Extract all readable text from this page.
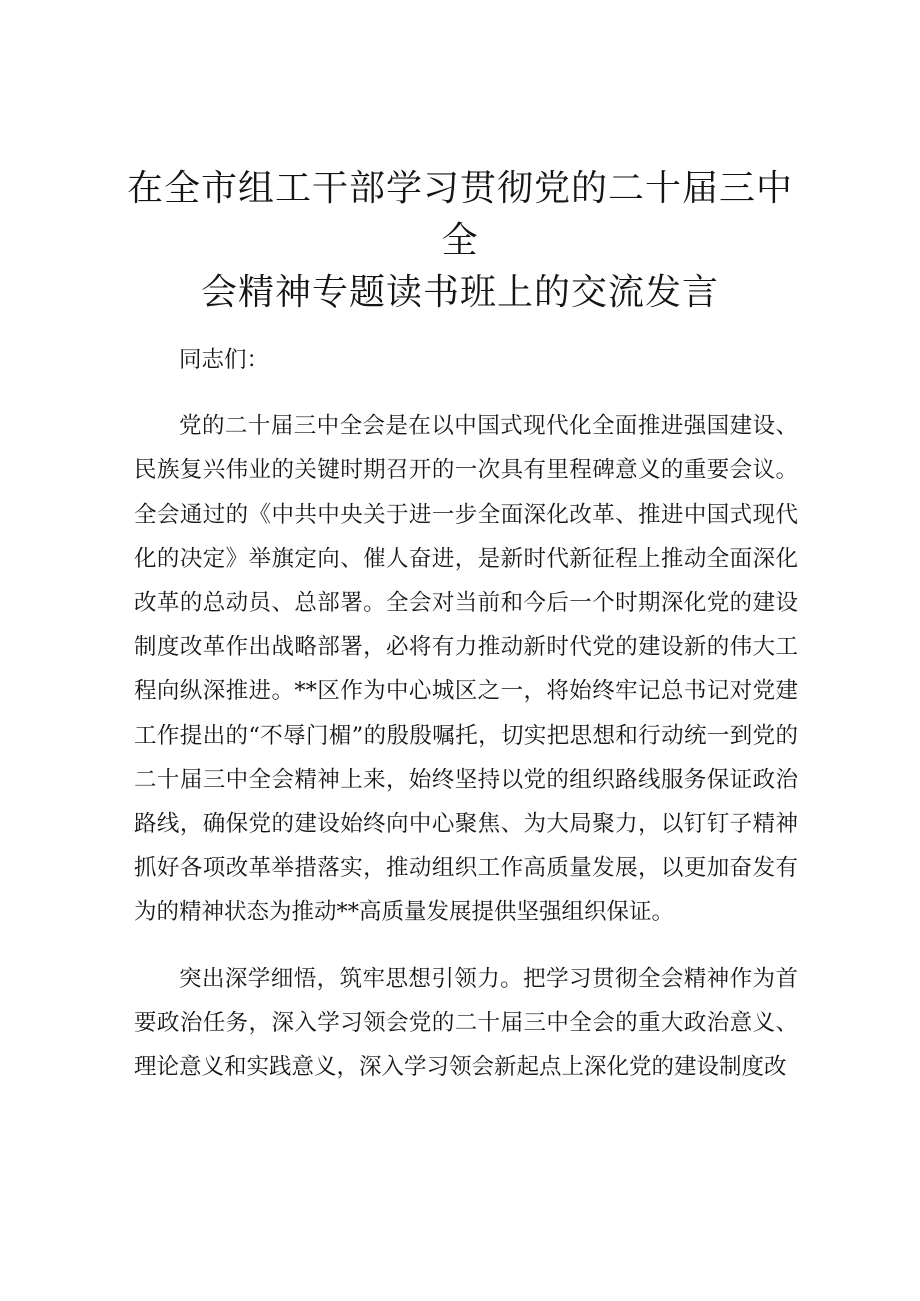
在全市组工干部学习贯彻党的二十届三中全
会精神专题读书班上的交流发言

同志们：

党的二十届三中全会是在以中国式现代化全面推进强国建设、民族复兴伟业的关键时期召开的一次具有里程碑意义的重要会议。全会通过的《中共中央关于进一步全面深化改革、推进中国式现代化的决定》举旗定向、催人奋进，是新时代新征程上推动全面深化改革的总动员、总部署。全会对当前和今后一个时期深化党的建设制度改革作出战略部署，必将有力推动新时代党的建设新的伟大工程向纵深推进。**区作为中心城区之一，将始终牢记总书记对党建工作提出的“不辱门楣”的殷殷嘱托，切实把思想和行动统一到党的二十届三中全会精神上来，始终坚持以党的组织路线服务保证政治路线，确保党的建设始终向中心聚焦、为大局聚力，以钉钉子精神抓好各项改革举措落实，推动组织工作高质量发展，以更加奋发有为的精神状态为推动**高质量发展提供坚强组织保证。

突出深学细悟，筑牢思想引领力。把学习贯彻全会精神作为首要政治任务，深入学习领会党的二十届三中全会的重大政治意义、理论意义和实践意义，深入学习领会新起点上深化党的建设制度改
